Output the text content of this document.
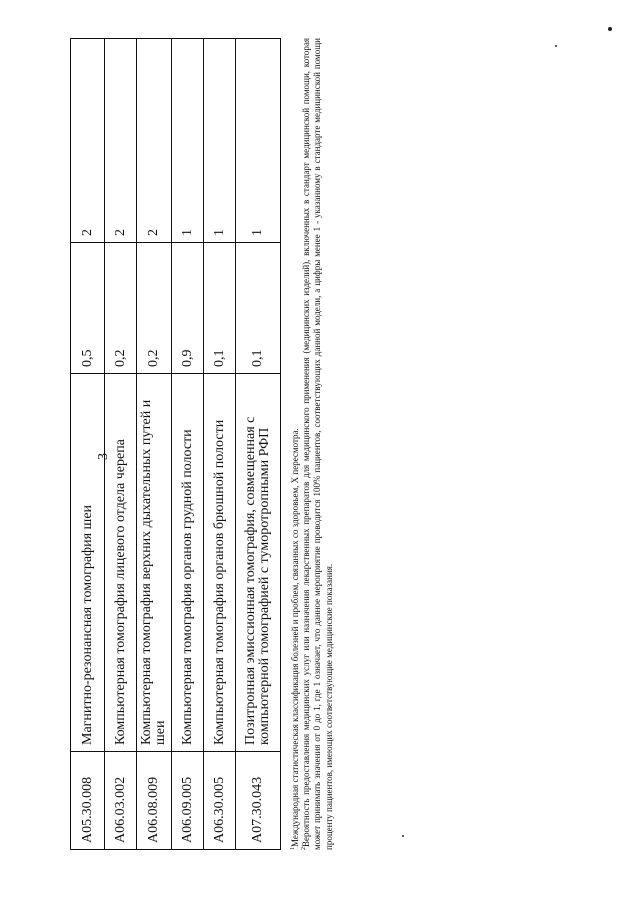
3
A05.30.008	Магнитно-резонансная томография шеи	0,5	2
A06.03.002	Компьютерная томография лицевого отдела черепа	0,2	2
A06.08.009	Компьютерная томография верхних дыхательных путей и шеи	0,2	2
A06.09.005	Компьютерная томография органов грудной полости	0,9	1
A06.30.005	Компьютерная томография органов брюшной полости	0,1	1
A07.30.043	Позитронная эмиссионная томография, совмещенная с компьютерной томографией с туморотропными РФП	0,1	1

$^1$Международная статистическая классификация болезней и проблем, связанных со здоровьем, X пересмотра.

$^2$Вероятность предоставления медицинских услуг или назначения лекарственных препаратов для медицинского применения (медицинских изделий), включенных в стандарт медицинской помощи, которая может принимать значения от 0 до 1, где 1 означает, что данное мероприятие проводится 100% пациентов, соответствующих данной модели, а цифры менее 1 - указанному в стандарте медицинской помощи проценту пациентов, имеющих соответствующие медицинские показания.
